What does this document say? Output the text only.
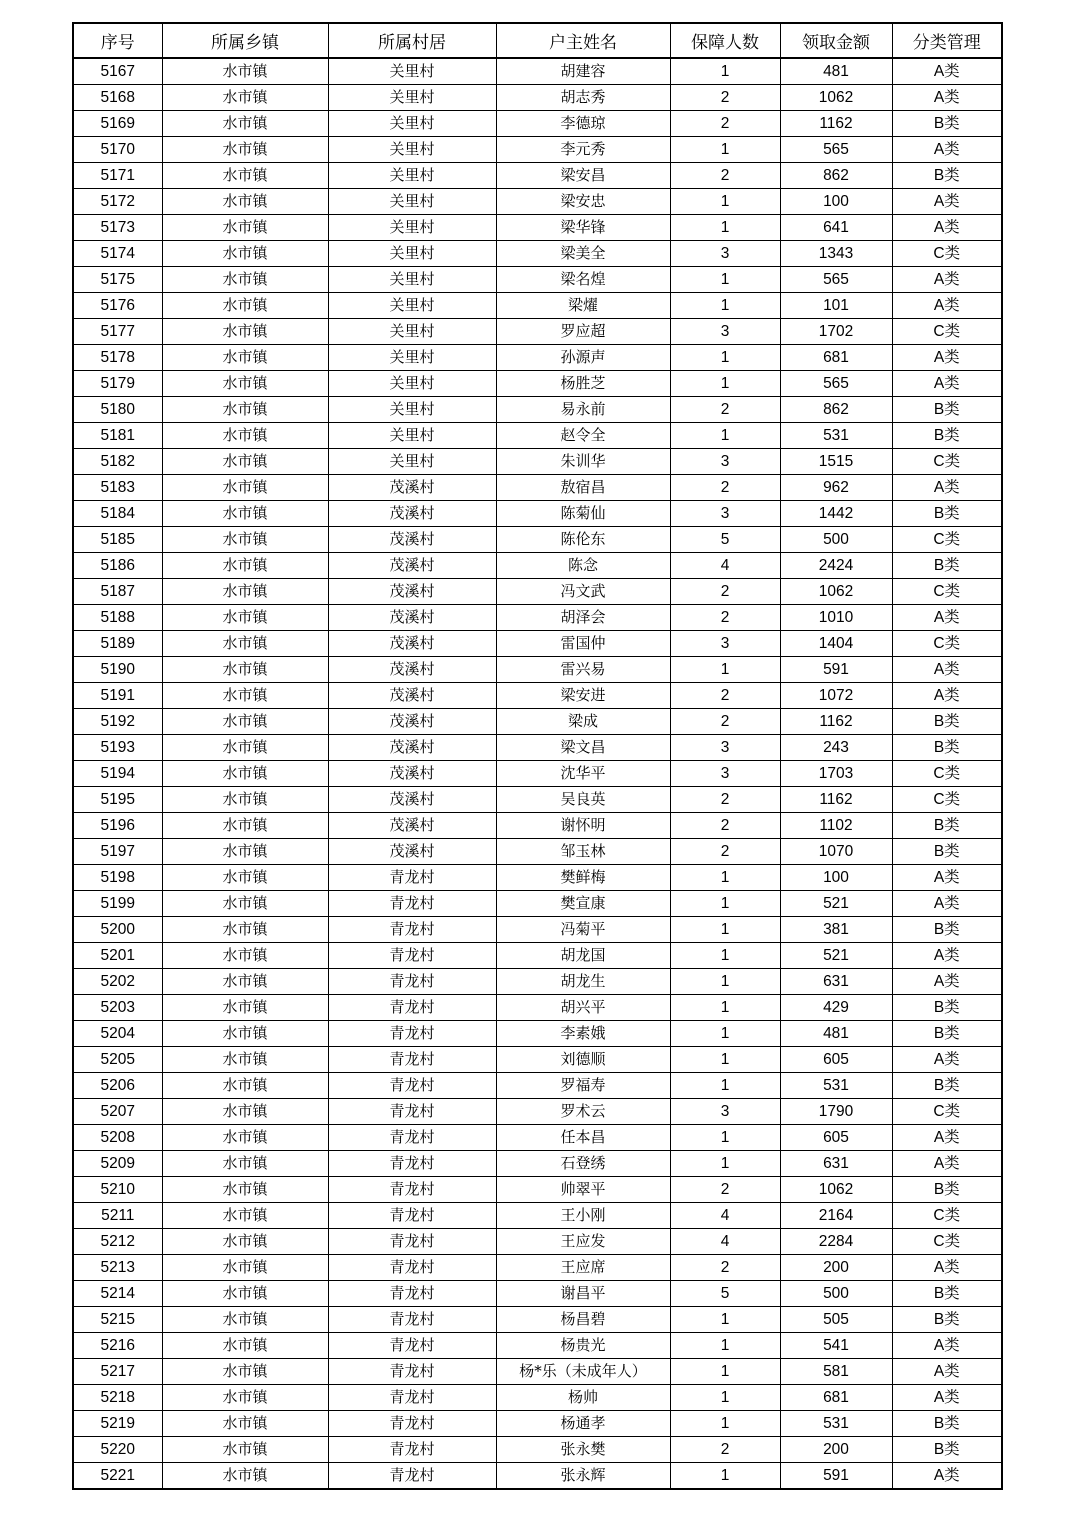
序号	所属乡镇	所属村居	户主姓名	保障人数	领取金额	分类管理
5167	水市镇	关里村	胡建容	1	481	A类
5168	水市镇	关里村	胡志秀	2	1062	A类
5169	水市镇	关里村	李德琼	2	1162	B类
5170	水市镇	关里村	李元秀	1	565	A类
5171	水市镇	关里村	梁安昌	2	862	B类
5172	水市镇	关里村	梁安忠	1	100	A类
5173	水市镇	关里村	梁华锋	1	641	A类
5174	水市镇	关里村	梁美全	3	1343	C类
5175	水市镇	关里村	梁名煌	1	565	A类
5176	水市镇	关里村	梁燿	1	101	A类
5177	水市镇	关里村	罗应超	3	1702	C类
5178	水市镇	关里村	孙源声	1	681	A类
5179	水市镇	关里村	杨胜芝	1	565	A类
5180	水市镇	关里村	易永前	2	862	B类
5181	水市镇	关里村	赵令全	1	531	B类
5182	水市镇	关里村	朱训华	3	1515	C类
5183	水市镇	茂溪村	敖宿昌	2	962	A类
5184	水市镇	茂溪村	陈菊仙	3	1442	B类
5185	水市镇	茂溪村	陈伦东	5	500	C类
5186	水市镇	茂溪村	陈念	4	2424	B类
5187	水市镇	茂溪村	冯文武	2	1062	C类
5188	水市镇	茂溪村	胡泽会	2	1010	A类
5189	水市镇	茂溪村	雷国仲	3	1404	C类
5190	水市镇	茂溪村	雷兴易	1	591	A类
5191	水市镇	茂溪村	梁安进	2	1072	A类
5192	水市镇	茂溪村	梁成	2	1162	B类
5193	水市镇	茂溪村	梁文昌	3	243	B类
5194	水市镇	茂溪村	沈华平	3	1703	C类
5195	水市镇	茂溪村	吴良英	2	1162	C类
5196	水市镇	茂溪村	谢怀明	2	1102	B类
5197	水市镇	茂溪村	邹玉林	2	1070	B类
5198	水市镇	青龙村	樊鲜梅	1	100	A类
5199	水市镇	青龙村	樊宣康	1	521	A类
5200	水市镇	青龙村	冯菊平	1	381	B类
5201	水市镇	青龙村	胡龙国	1	521	A类
5202	水市镇	青龙村	胡龙生	1	631	A类
5203	水市镇	青龙村	胡兴平	1	429	B类
5204	水市镇	青龙村	李素娥	1	481	B类
5205	水市镇	青龙村	刘德顺	1	605	A类
5206	水市镇	青龙村	罗福寿	1	531	B类
5207	水市镇	青龙村	罗术云	3	1790	C类
5208	水市镇	青龙村	任本昌	1	605	A类
5209	水市镇	青龙村	石登绣	1	631	A类
5210	水市镇	青龙村	帅翠平	2	1062	B类
5211	水市镇	青龙村	王小刚	4	2164	C类
5212	水市镇	青龙村	王应发	4	2284	C类
5213	水市镇	青龙村	王应席	2	200	A类
5214	水市镇	青龙村	谢昌平	5	500	B类
5215	水市镇	青龙村	杨昌碧	1	505	B类
5216	水市镇	青龙村	杨贵光	1	541	A类
5217	水市镇	青龙村	杨*乐（未成年人）	1	581	A类
5218	水市镇	青龙村	杨帅	1	681	A类
5219	水市镇	青龙村	杨通孝	1	531	B类
5220	水市镇	青龙村	张永樊	2	200	B类
5221	水市镇	青龙村	张永辉	1	591	A类
